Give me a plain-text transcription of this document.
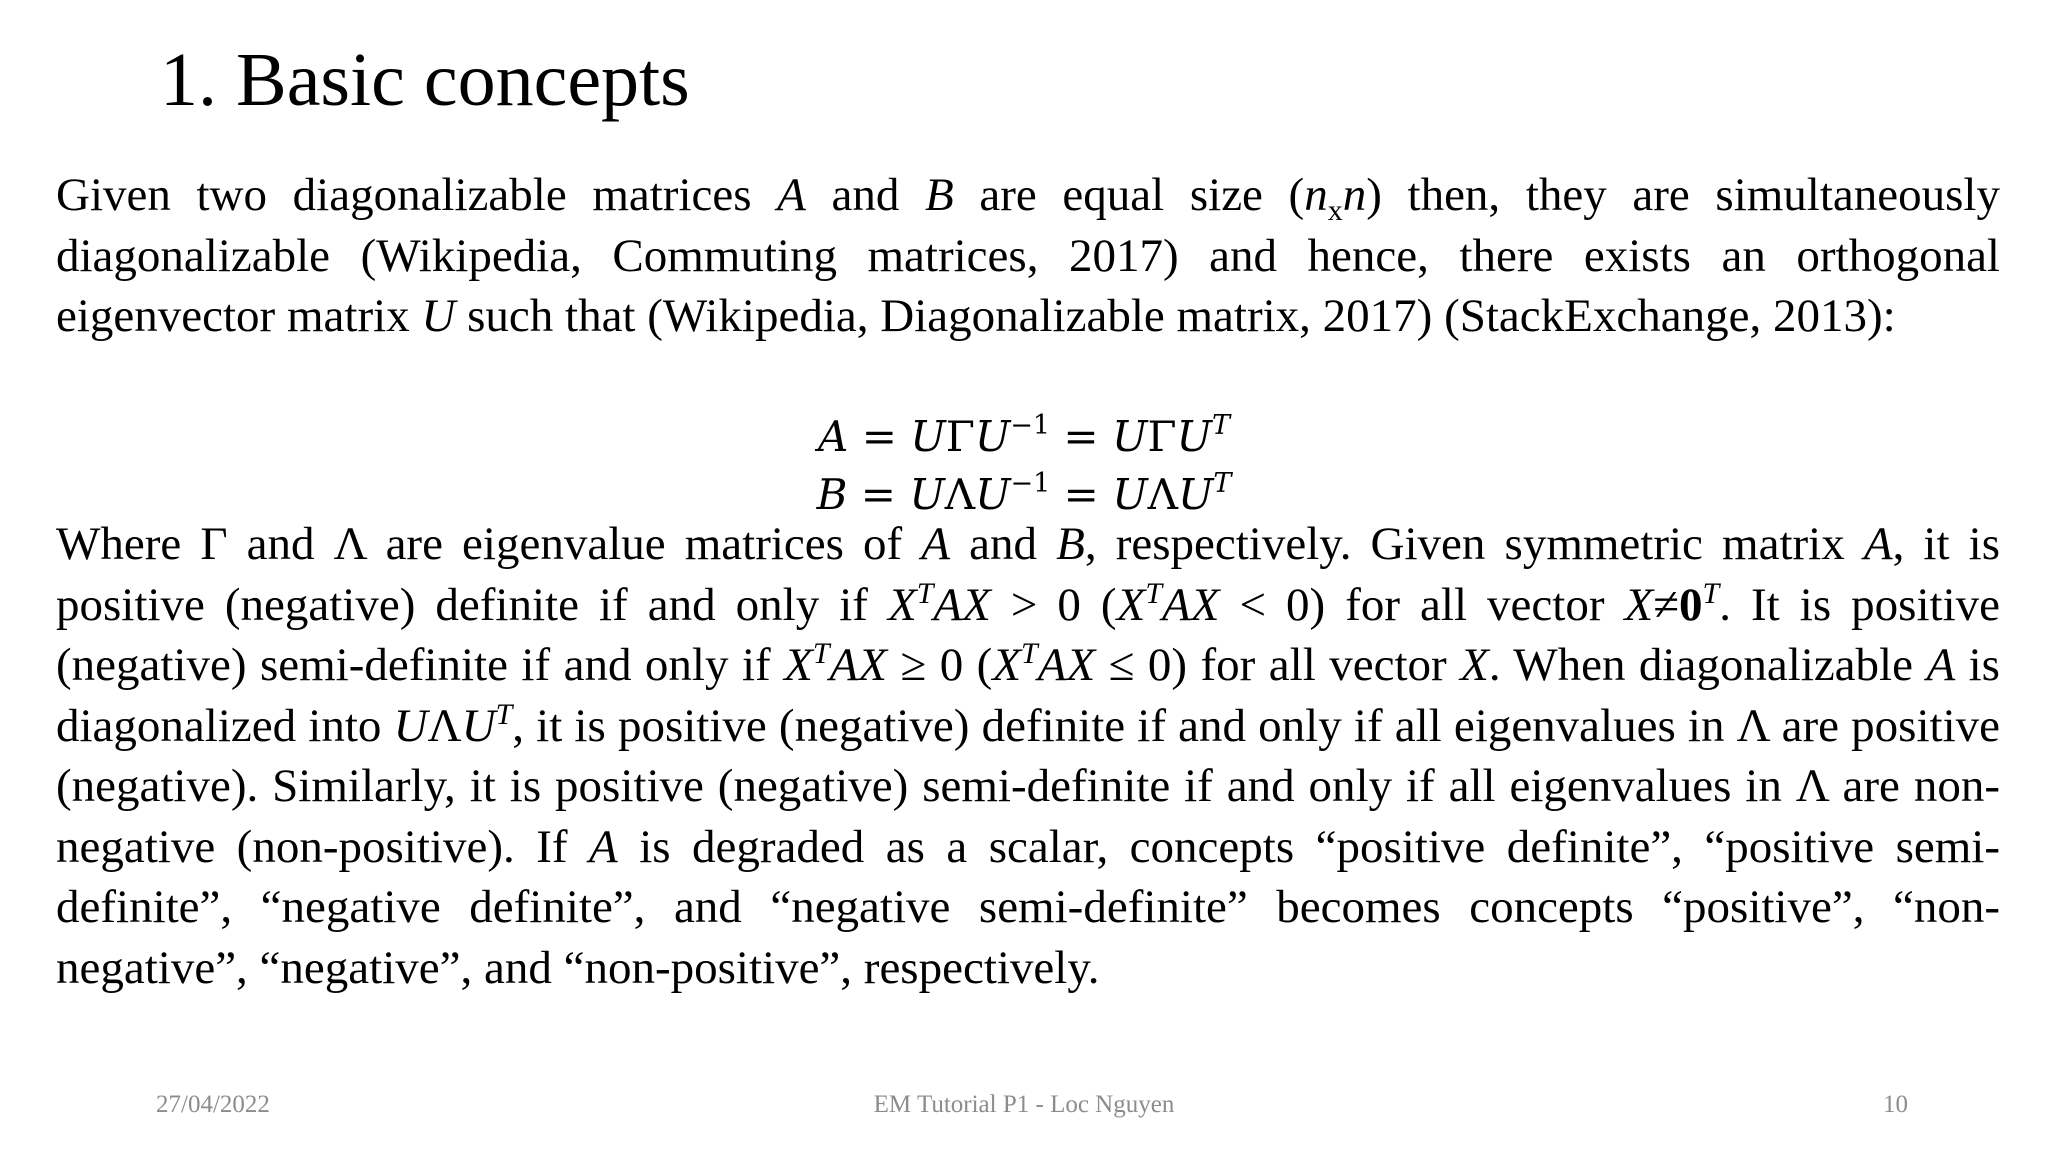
1. Basic concepts
Given two diagonalizable matrices A and B are equal size $(n_xn)$ then, they are simultaneously diagonalizable (Wikipedia, Commuting matrices, 2017) and hence, there exists an orthogonal eigenvector matrix U such that (Wikipedia, Diagonalizable matrix, 2017) (StackExchange, 2013):
$A = U\Gamma U^{-1} = U\Gamma U^T$
$B = U\Lambda U^{-1} = U\Lambda U^T$
Where Γ and Λ are eigenvalue matrices of A and B, respectively. Given symmetric matrix A, it is positive (negative) definite if and only if $X^TAX > 0$ $(X^TAX < 0)$ for all vector $X\ne 0^T$. It is positive (negative) semi-definite if and only if $X^TAX \ge 0$ $(X^TAX \le 0)$ for all vector X. When diagonalizable A is diagonalized into $U\Lambda U^T$, it is positive (negative) definite if and only if all eigenvalues in Λ are positive (negative). Similarly, it is positive (negative) semi-definite if and only if all eigenvalues in Λ are non-negative (non-positive). If A is degraded as a scalar, concepts “positive definite”, “positive semi-definite”, “negative definite”, and “negative semi-definite” becomes concepts “positive”, “non-negative”, “negative”, and “non-positive”, respectively.
27/04/2022	EM Tutorial P1 - Loc Nguyen	10
